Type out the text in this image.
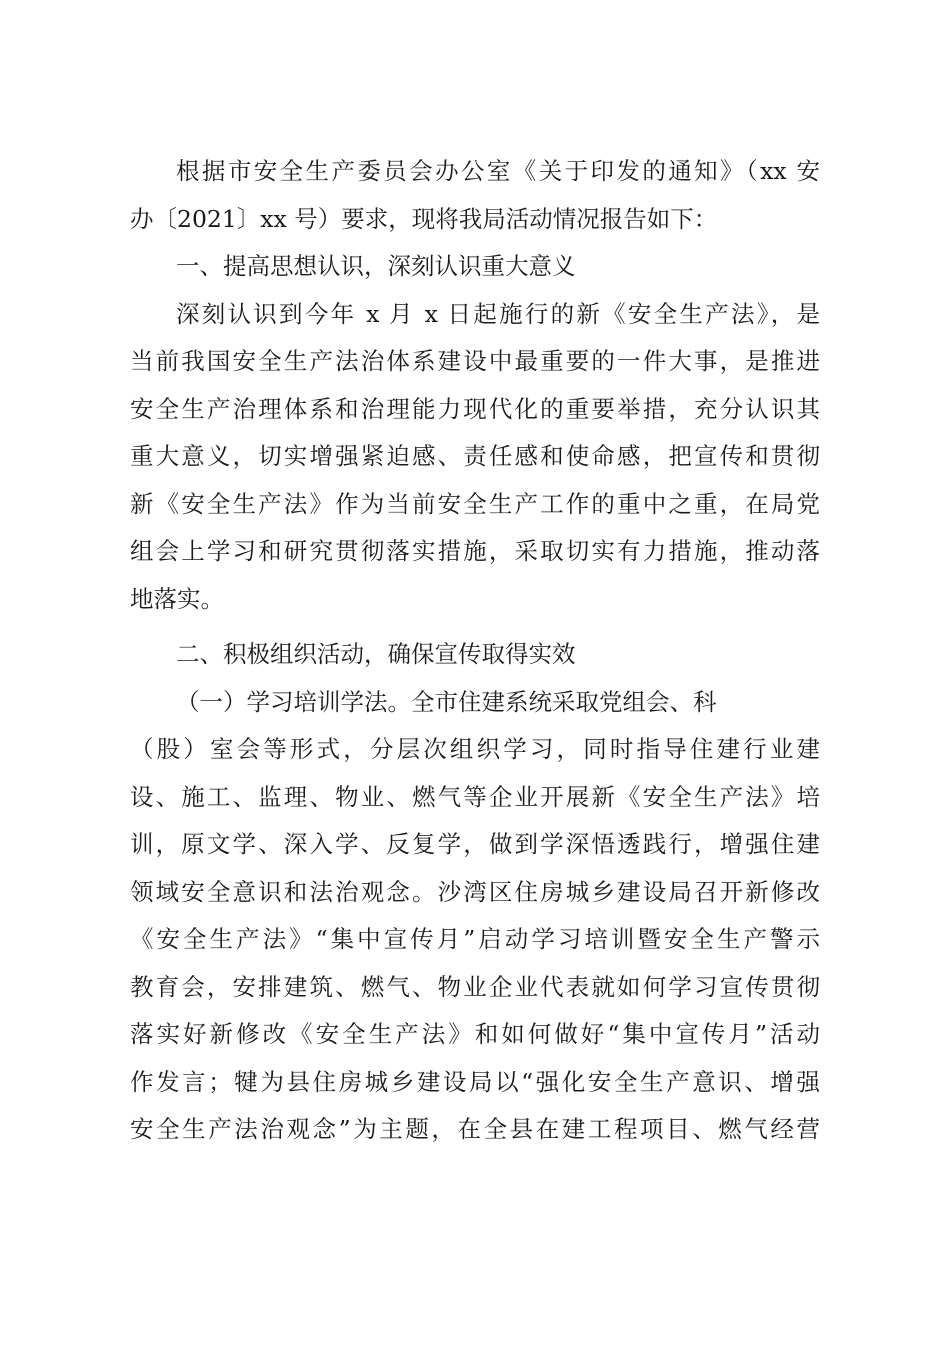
根据市安全生产委员会办公室《关于印发的通知》（xx 安
办〔2021〕xx 号）要求，现将我局活动情况报告如下：
一、提高思想认识，深刻认识重大意义
深刻认识到今年 x 月 x 日起施行的新《安全生产法》，是
当前我国安全生产法治体系建设中最重要的一件大事，是推进
安全生产治理体系和治理能力现代化的重要举措，充分认识其
重大意义，切实增强紧迫感、责任感和使命感，把宣传和贯彻
新《安全生产法》作为当前安全生产工作的重中之重，在局党
组会上学习和研究贯彻落实措施，采取切实有力措施，推动落
地落实。
二、积极组织活动，确保宣传取得实效
（一）学习培训学法。全市住建系统采取党组会、科
（股）室会等形式，分层次组织学习，同时指导住建行业建
设、施工、监理、物业、燃气等企业开展新《安全生产法》培
训，原文学、深入学、反复学，做到学深悟透践行，增强住建
领域安全意识和法治观念。沙湾区住房城乡建设局召开新修改
《安全生产法》“集中宣传月”启动学习培训暨安全生产警示
教育会，安排建筑、燃气、物业企业代表就如何学习宣传贯彻
落实好新修改《安全生产法》和如何做好“集中宣传月”活动
作发言；犍为县住房城乡建设局以“强化安全生产意识、增强
安全生产法治观念”为主题，在全县在建工程项目、燃气经营
